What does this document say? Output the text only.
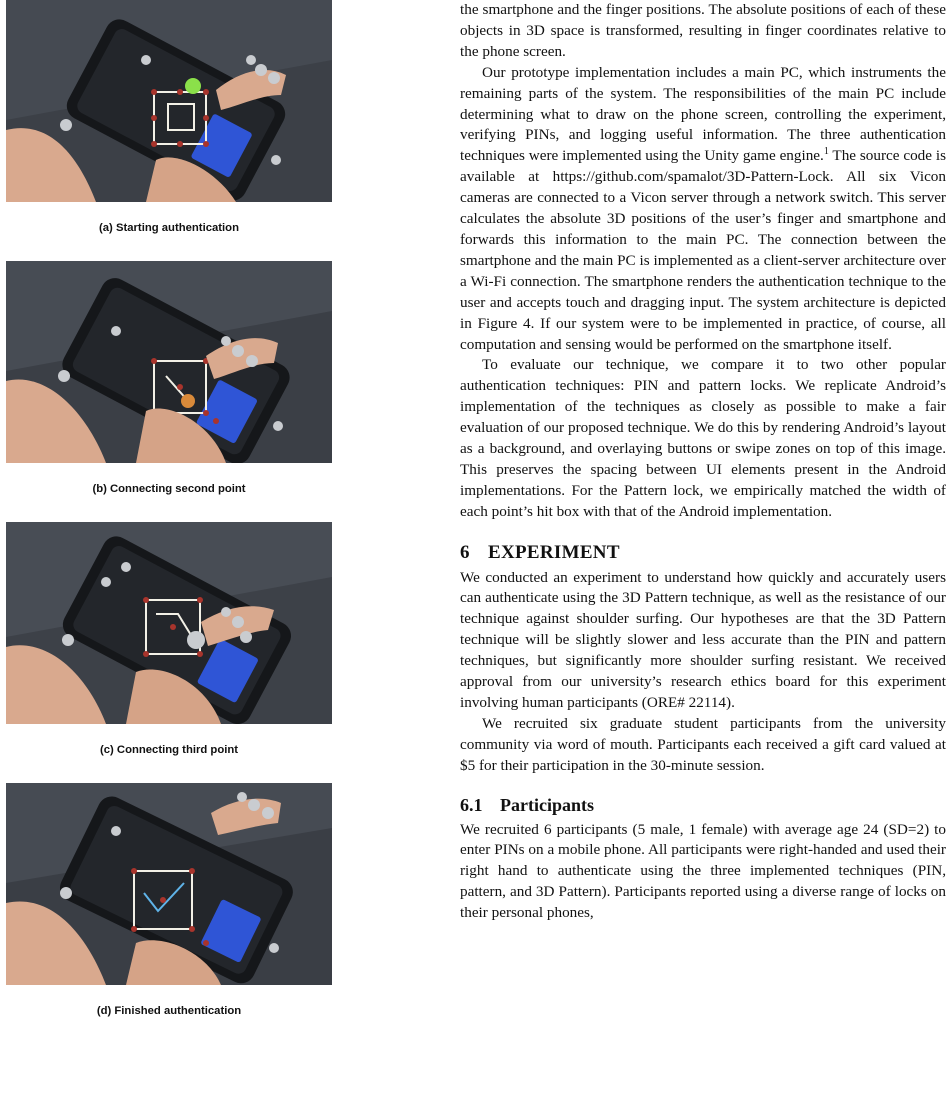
(a) Starting authentication
(b) Connecting second point
(c) Connecting third point
(d) Finished authentication

the smartphone and the finger positions. The absolute positions of each of these objects in 3D space is transformed, resulting in finger coordinates relative to the phone screen.

Our prototype implementation includes a main PC, which instruments the remaining parts of the system. The responsibilities of the main PC include determining what to draw on the phone screen, controlling the experiment, verifying PINs, and logging useful information. The three authentication techniques were implemented using the Unity game engine.$^1$ The source code is available at https://github.com/spamalot/3D-Pattern-Lock. All six Vicon cameras are connected to a Vicon server through a network switch. This server calculates the absolute 3D positions of the user’s finger and smartphone and forwards this information to the main PC. The connection between the smartphone and the main PC is implemented as a client-server architecture over a Wi-Fi connection. The smartphone renders the authentication technique to the user and accepts touch and dragging input. The system architecture is depicted in Figure 4. If our system were to be implemented in practice, of course, all computation and sensing would be performed on the smartphone itself.

To evaluate our technique, we compare it to two other popular authentication techniques: PIN and pattern locks. We replicate Android’s implementation of the techniques as closely as possible to make a fair evaluation of our proposed technique. We do this by rendering Android’s layout as a background, and overlaying buttons or swipe zones on top of this image. This preserves the spacing between UI elements present in the Android implementations. For the Pattern lock, we empirically matched the width of each point’s hit box with that of the Android implementation.

6 EXPERIMENT

We conducted an experiment to understand how quickly and accurately users can authenticate using the 3D Pattern technique, as well as the resistance of our technique against shoulder surfing. Our hypotheses are that the 3D Pattern technique will be slightly slower and less accurate than the PIN and pattern techniques, but significantly more shoulder surfing resistant. We received approval from our university’s research ethics board for this experiment involving human participants (ORE# 22114).

We recruited six graduate student participants from the university community via word of mouth. Participants each received a gift card valued at $5 for their participation in the 30-minute session.

6.1 Participants

We recruited 6 participants (5 male, 1 female) with average age 24 (SD=2) to enter PINs on a mobile phone. All participants were right-handed and used their right hand to authenticate using the three implemented techniques (PIN, pattern, and 3D Pattern). Participants reported using a diverse range of locks on their personal phones,
